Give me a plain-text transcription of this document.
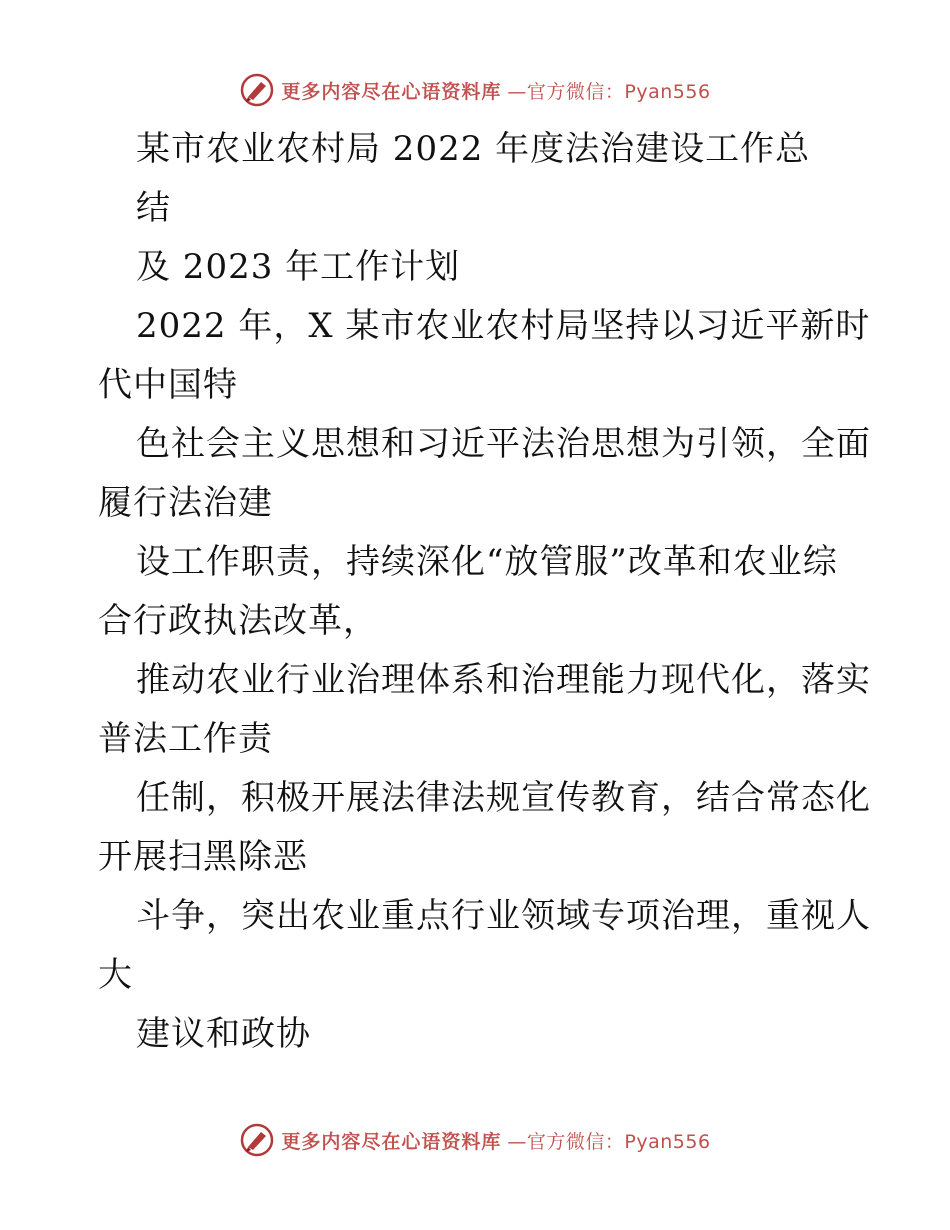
更多内容尽在心语资料库 —官方微信：Pyan556
某市农业农村局 2022 年度法治建设工作总
结
及 2023 年工作计划
2022 年，X 某市农业农村局坚持以习近平新时
代中国特
色社会主义思想和习近平法治思想为引领，全面
履行法治建
设工作职责，持续深化“放管服”改革和农业综
合行政执法改革，
推动农业行业治理体系和治理能力现代化，落实
普法工作责
任制，积极开展法律法规宣传教育，结合常态化
开展扫黑除恶
斗争，突出农业重点行业领域专项治理，重视人
大
建议和政协
更多内容尽在心语资料库 —官方微信：Pyan556
